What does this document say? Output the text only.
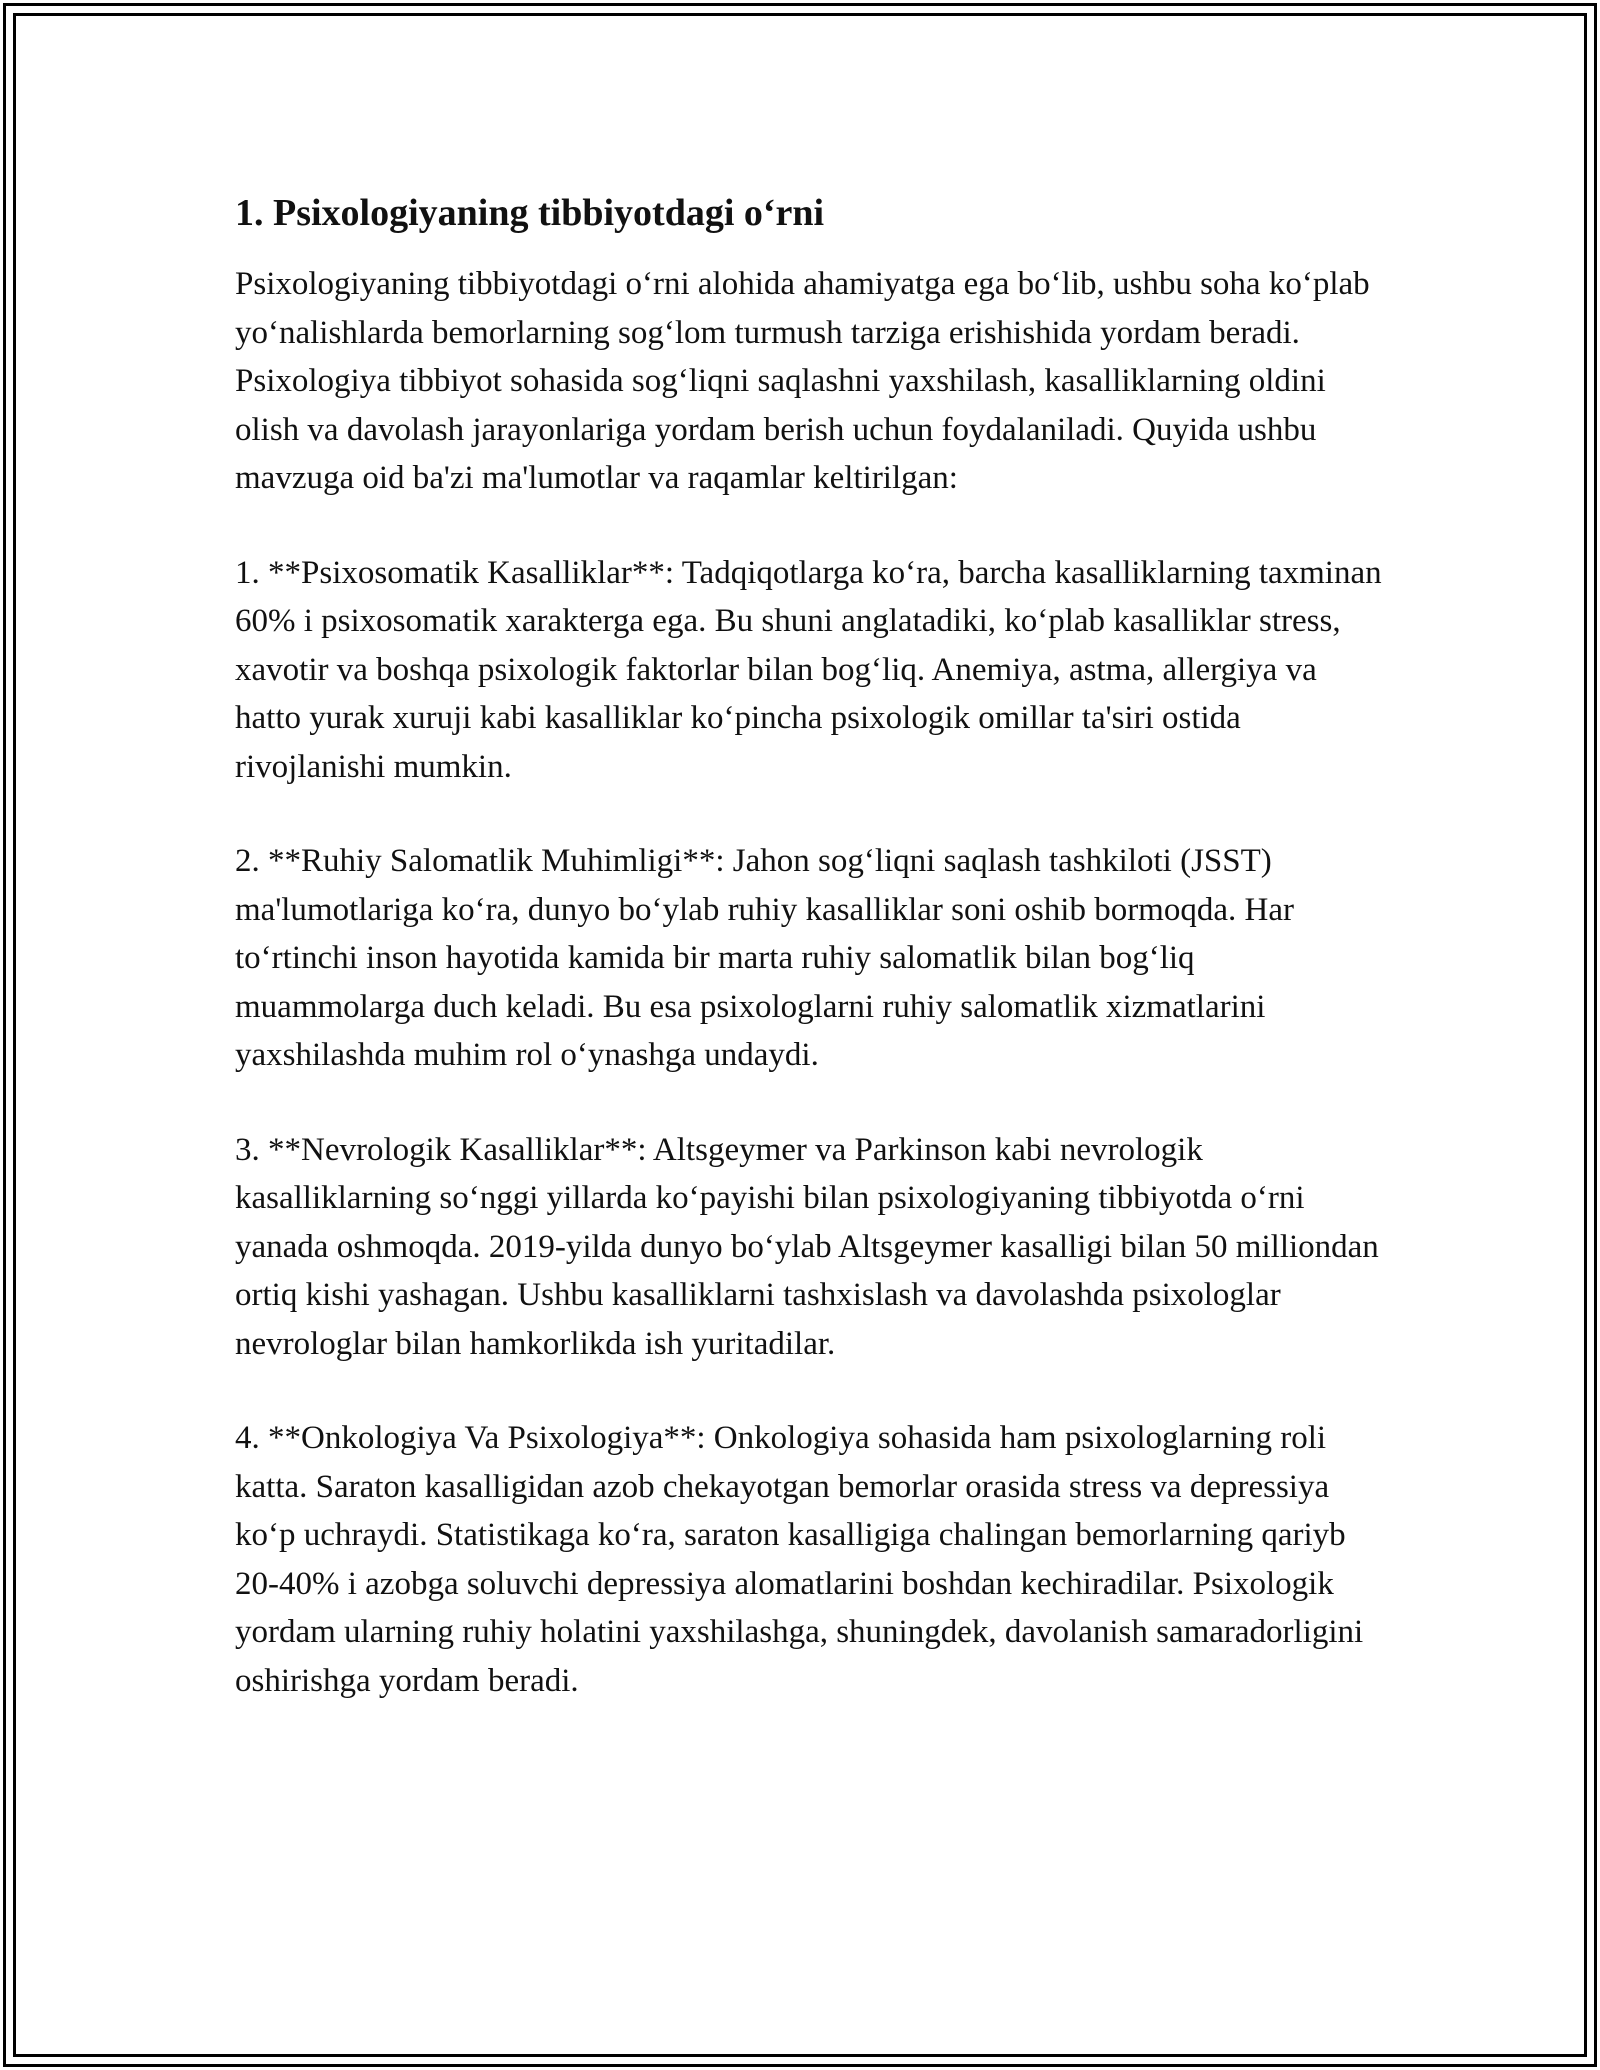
1. Psixologiyaning tibbiyotdagi o‘rni

Psixologiyaning tibbiyotdagi o‘rni alohida ahamiyatga ega bo‘lib, ushbu soha ko‘plab yo‘nalishlarda bemorlarning sog‘lom turmush tarziga erishishida yordam beradi. Psixologiya tibbiyot sohasida sog‘liqni saqlashni yaxshilash, kasalliklarning oldini olish va davolash jarayonlariga yordam berish uchun foydalaniladi. Quyida ushbu mavzuga oid ba'zi ma'lumotlar va raqamlar keltirilgan:

1. **Psixosomatik Kasalliklar**: Tadqiqotlarga ko‘ra, barcha kasalliklarning taxminan 60% i psixosomatik xarakterga ega. Bu shuni anglatadiki, ko‘plab kasalliklar stress, xavotir va boshqa psixologik faktorlar bilan bog‘liq. Anemiya, astma, allergiya va hatto yurak xuruji kabi kasalliklar ko‘pincha psixologik omillar ta'siri ostida rivojlanishi mumkin.

2. **Ruhiy Salomatlik Muhimligi**: Jahon sog‘liqni saqlash tashkiloti (JSST) ma'lumotlariga ko‘ra, dunyo bo‘ylab ruhiy kasalliklar soni oshib bormoqda. Har to‘rtinchi inson hayotida kamida bir marta ruhiy salomatlik bilan bog‘liq muammolarga duch keladi. Bu esa psixologlarni ruhiy salomatlik xizmatlarini yaxshilashda muhim rol o‘ynashga undaydi.

3. **Nevrologik Kasalliklar**: Altsgeymer va Parkinson kabi nevrologik kasalliklarning so‘nggi yillarda ko‘payishi bilan psixologiyaning tibbiyotda o‘rni yanada oshmoqda. 2019-yilda dunyo bo‘ylab Altsgeymer kasalligi bilan 50 milliondan ortiq kishi yashagan. Ushbu kasalliklarni tashxislash va davolashda psixologlar nevrologlar bilan hamkorlikda ish yuritadilar.

4. **Onkologiya Va Psixologiya**: Onkologiya sohasida ham psixologlarning roli katta. Saraton kasalligidan azob chekayotgan bemorlar orasida stress va depressiya ko‘p uchraydi. Statistikaga ko‘ra, saraton kasalligiga chalingan bemorlarning qariyb 20-40% i azobga soluvchi depressiya alomatlarini boshdan kechiradilar. Psixologik yordam ularning ruhiy holatini yaxshilashga, shuningdek, davolanish samaradorligini oshirishga yordam beradi.
